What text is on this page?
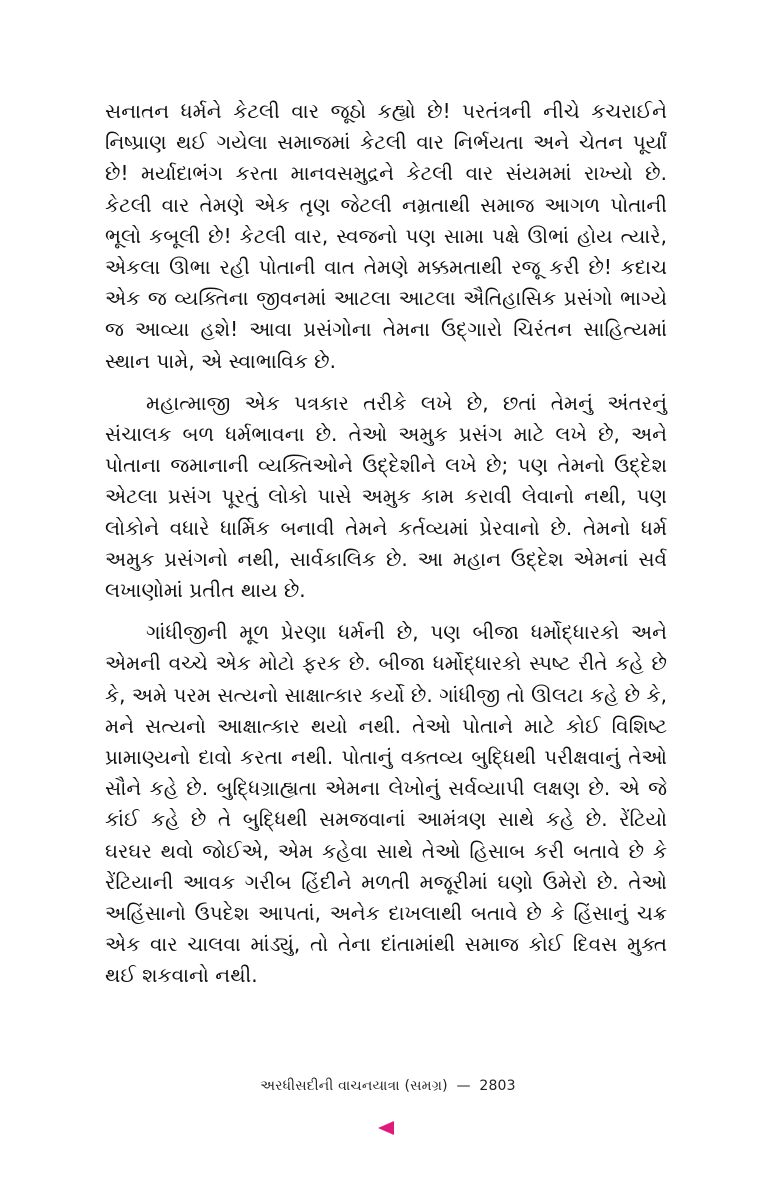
સનાતન ધર્મને કેટલી વાર જૂઠો કહ્યો છે! પરતંત્રની નીચે કચરાઈને નિષ્પ્રાણ થઈ ગયેલા સમાજમાં કેટલી વાર નિર્ભયતા અને ચેતન પૂર્યાં છે! મર્યાદાભંગ કરતા માનવસમુદ્રને કેટલી વાર સંયમમાં રાખ્યો છે. કેટલી વાર તેમણે એક તૃણ જેટલી નમ્રતાથી સમાજ આગળ પોતાની ભૂલો કબૂલી છે! કેટલી વાર, સ્વજનો પણ સામા પક્ષે ઊભાં હોય ત્યારે, એકલા ઊભા રહી પોતાની વાત તેમણે મક્કમતાથી રજૂ કરી છે! કદાચ એક જ વ્યક્તિના જીવનમાં આટલા આટલા ઐતિહાસિક પ્રસંગો ભાગ્યે જ આવ્યા હશે! આવા પ્રસંગોના તેમના ઉદ્‌ગારો ચિરંતન સાહિત્યમાં સ્થાન પામે, એ સ્વાભાવિક છે.

મહાત્માજી એક પત્રકાર તરીકે લખે છે, છતાં તેમનું અંતરનું સંચાલક બળ ધર્મભાવના છે. તેઓ અમુક પ્રસંગ માટે લખે છે, અને પોતાના જમાનાની વ્યક્તિઓને ઉદ્દેશીને લખે છે; પણ તેમનો ઉદ્દેશ એટલા પ્રસંગ પૂરતું લોકો પાસે અમુક કામ કરાવી લેવાનો નથી, પણ લોકોને વધારે ધાર્મિક બનાવી તેમને કર્તવ્યમાં પ્રેરવાનો છે. તેમનો ધર્મ અમુક પ્રસંગનો નથી, સાર્વકાલિક છે. આ મહાન ઉદ્દેશ એમનાં સર્વ લખાણોમાં પ્રતીત થાય છે.

ગાંધીજીની મૂળ પ્રેરણા ધર્મની છે, પણ બીજા ધર્મોદ્ધારકો અને એમની વચ્ચે એક મોટો ફરક છે. બીજા ધર્મોદ્ધારકો સ્પષ્ટ રીતે કહે છે કે, અમે પરમ સત્યનો સાક્ષાત્કાર કર્યો છે. ગાંધીજી તો ઊલટા કહે છે કે, મને સત્યનો આક્ષાત્કાર થયો નથી. તેઓ પોતાને માટે કોઈ વિશિષ્ટ પ્રામાણ્યનો દાવો કરતા નથી. પોતાનું વક્તવ્ય બુદ્ધિથી પરીક્ષવાનું તેઓ સૌને કહે છે. બુદ્ધિગ્રાહ્યતા એમના લેખોનું સર્વવ્યાપી લક્ષણ છે. એ જે કાંઈ કહે છે તે બુદ્ધિથી સમજવાનાં આમંત્રણ સાથે કહે છે. રેંટિયો ઘરઘર થવો જોઈએ, એમ કહેવા સાથે તેઓ હિસાબ કરી બતાવે છે કે રેંટિયાની આવક ગરીબ હિંદીને મળતી મજૂરીમાં ઘણો ઉમેરો છે. તેઓ અહિંસાનો ઉપદેશ આપતાં, અનેક દાખલાથી બતાવે છે કે હિંસાનું ચક્ર એક વાર ચાલવા માંડ્યું, તો તેના દાંતામાંથી સમાજ કોઈ દિવસ મુક્ત થઈ શકવાનો નથી.

અરધીસદીની વાચનયાત્રા (સમગ્ર) — 2803
